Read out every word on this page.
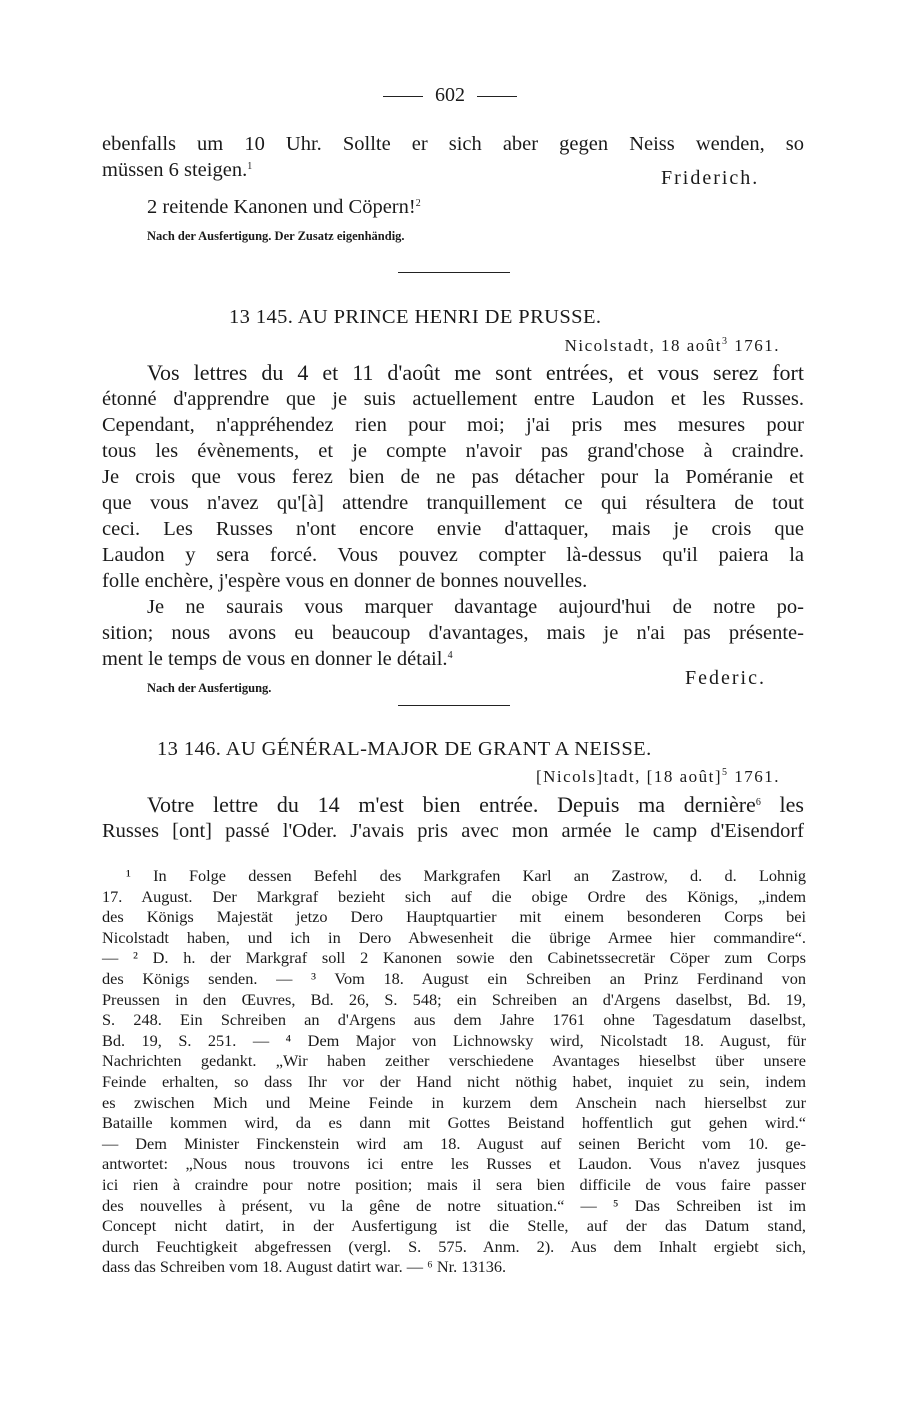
602
ebenfalls um 10 Uhr. Sollte er sich aber gegen Neiss wenden, so
müssen 6 steigen.$^1$
Friderich.
2 reitende Kanonen und Cöpern!$^2$
Nach der Ausfertigung. Der Zusatz eigenhändig.
13 145. AU PRINCE HENRI DE PRUSSE.
Nicolstadt, 18 août$^3$ 1761.
Vos lettres du 4 et 11 d'août me sont entrées, et vous serez fort
étonné d'apprendre que je suis actuellement entre Laudon et les Russes.
Cependant, n'appréhendez rien pour moi; j'ai pris mes mesures pour
tous les évènements, et je compte n'avoir pas grand'chose à craindre.
Je crois que vous ferez bien de ne pas détacher pour la Poméranie et
que vous n'avez qu'[à] attendre tranquillement ce qui résultera de tout
ceci. Les Russes n'ont encore envie d'attaquer, mais je crois que
Laudon y sera forcé. Vous pouvez compter là-dessus qu'il paiera la
folle enchère, j'espère vous en donner de bonnes nouvelles.
Je ne saurais vous marquer davantage aujourd'hui de notre po-
sition; nous avons eu beaucoup d'avantages, mais je n'ai pas présente-
ment le temps de vous en donner le détail.$^4$
Federic.
Nach der Ausfertigung.
13 146. AU GÉNÉRAL-MAJOR DE GRANT A NEISSE.
[Nicols]tadt, [18 août]$^5$ 1761.
Votre lettre du 14 m'est bien entrée. Depuis ma dernière$^6$ les
Russes [ont] passé l'Oder. J'avais pris avec mon armée le camp d'Eisendorf
¹ In Folge dessen Befehl des Markgrafen Karl an Zastrow, d. d. Lohnig
17. August. Der Markgraf bezieht sich auf die obige Ordre des Königs, „indem
des Königs Majestät jetzo Dero Hauptquartier mit einem besonderen Corps bei
Nicolstadt haben, und ich in Dero Abwesenheit die übrige Armee hier commandire“.
— ² D. h. der Markgraf soll 2 Kanonen sowie den Cabinetssecretär Cöper zum Corps
des Königs senden. — ³ Vom 18. August ein Schreiben an Prinz Ferdinand von
Preussen in den Œuvres, Bd. 26, S. 548; ein Schreiben an d'Argens daselbst, Bd. 19,
S. 248. Ein Schreiben an d'Argens aus dem Jahre 1761 ohne Tagesdatum daselbst,
Bd. 19, S. 251. — ⁴ Dem Major von Lichnowsky wird, Nicolstadt 18. August, für
Nachrichten gedankt. „Wir haben zeither verschiedene Avantages hieselbst über unsere
Feinde erhalten, so dass Ihr vor der Hand nicht nöthig habet, inquiet zu sein, indem
es zwischen Mich und Meine Feinde in kurzem dem Anschein nach hierselbst zur
Bataille kommen wird, da es dann mit Gottes Beistand hoffentlich gut gehen wird.“
— Dem Minister Finckenstein wird am 18. August auf seinen Bericht vom 10. ge-
antwortet: „Nous nous trouvons ici entre les Russes et Laudon. Vous n'avez jusques
ici rien à craindre pour notre position; mais il sera bien difficile de vous faire passer
des nouvelles à présent, vu la gêne de notre situation.“ — ⁵ Das Schreiben ist im
Concept nicht datirt, in der Ausfertigung ist die Stelle, auf der das Datum stand,
durch Feuchtigkeit abgefressen (vergl. S. 575. Anm. 2). Aus dem Inhalt ergiebt sich,
dass das Schreiben vom 18. August datirt war. — ⁶ Nr. 13136.
